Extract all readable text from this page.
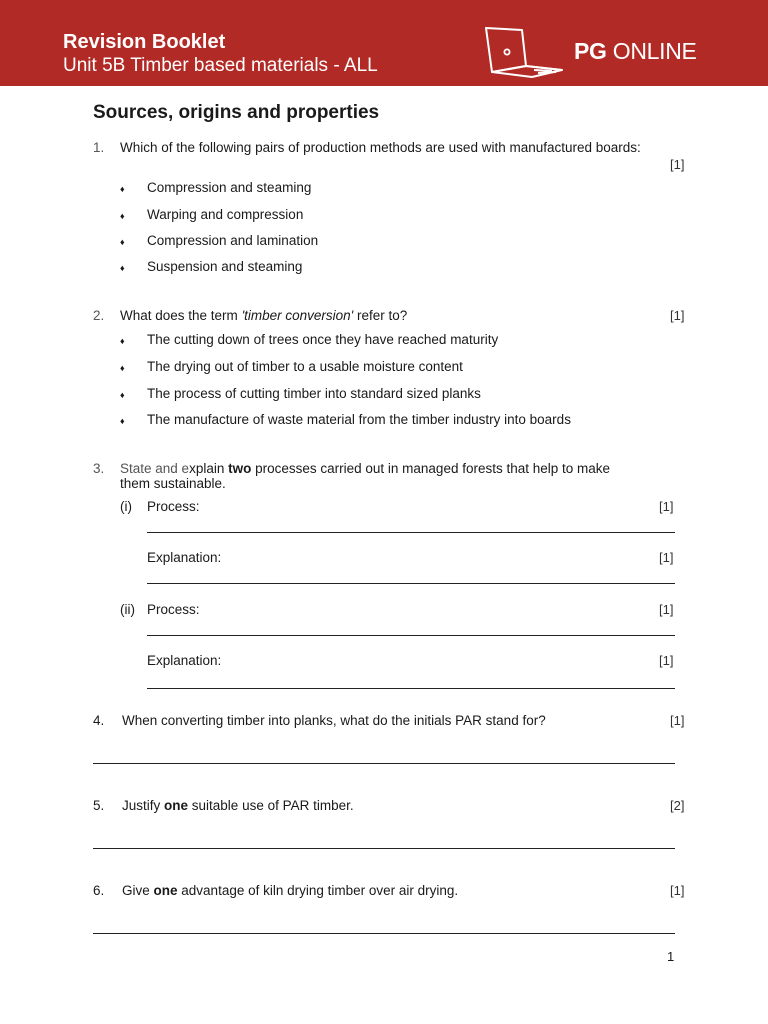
Revision Booklet
Unit 5B Timber based materials - ALL
PG ONLINE
Sources, origins and properties
1. Which of the following pairs of production methods are used with manufactured boards:
[1]
♦ Compression and steaming
♦ Warping and compression
♦ Compression and lamination
♦ Suspension and steaming
2. What does the term 'timber conversion' refer to?	[1]
♦ The cutting down of trees once they have reached maturity
♦ The drying out of timber to a usable moisture content
♦ The process of cutting timber into standard sized planks
♦ The manufacture of waste material from the timber industry into boards
3. State and explain two processes carried out in managed forests that help to make
them sustainable.
(i) Process:	[1]
Explanation:	[1]
(ii) Process:	[1]
Explanation:	[1]
4. When converting timber into planks, what do the initials PAR stand for?	[1]
5. Justify one suitable use of PAR timber.	[2]
6. Give one advantage of kiln drying timber over air drying.	[1]
1
